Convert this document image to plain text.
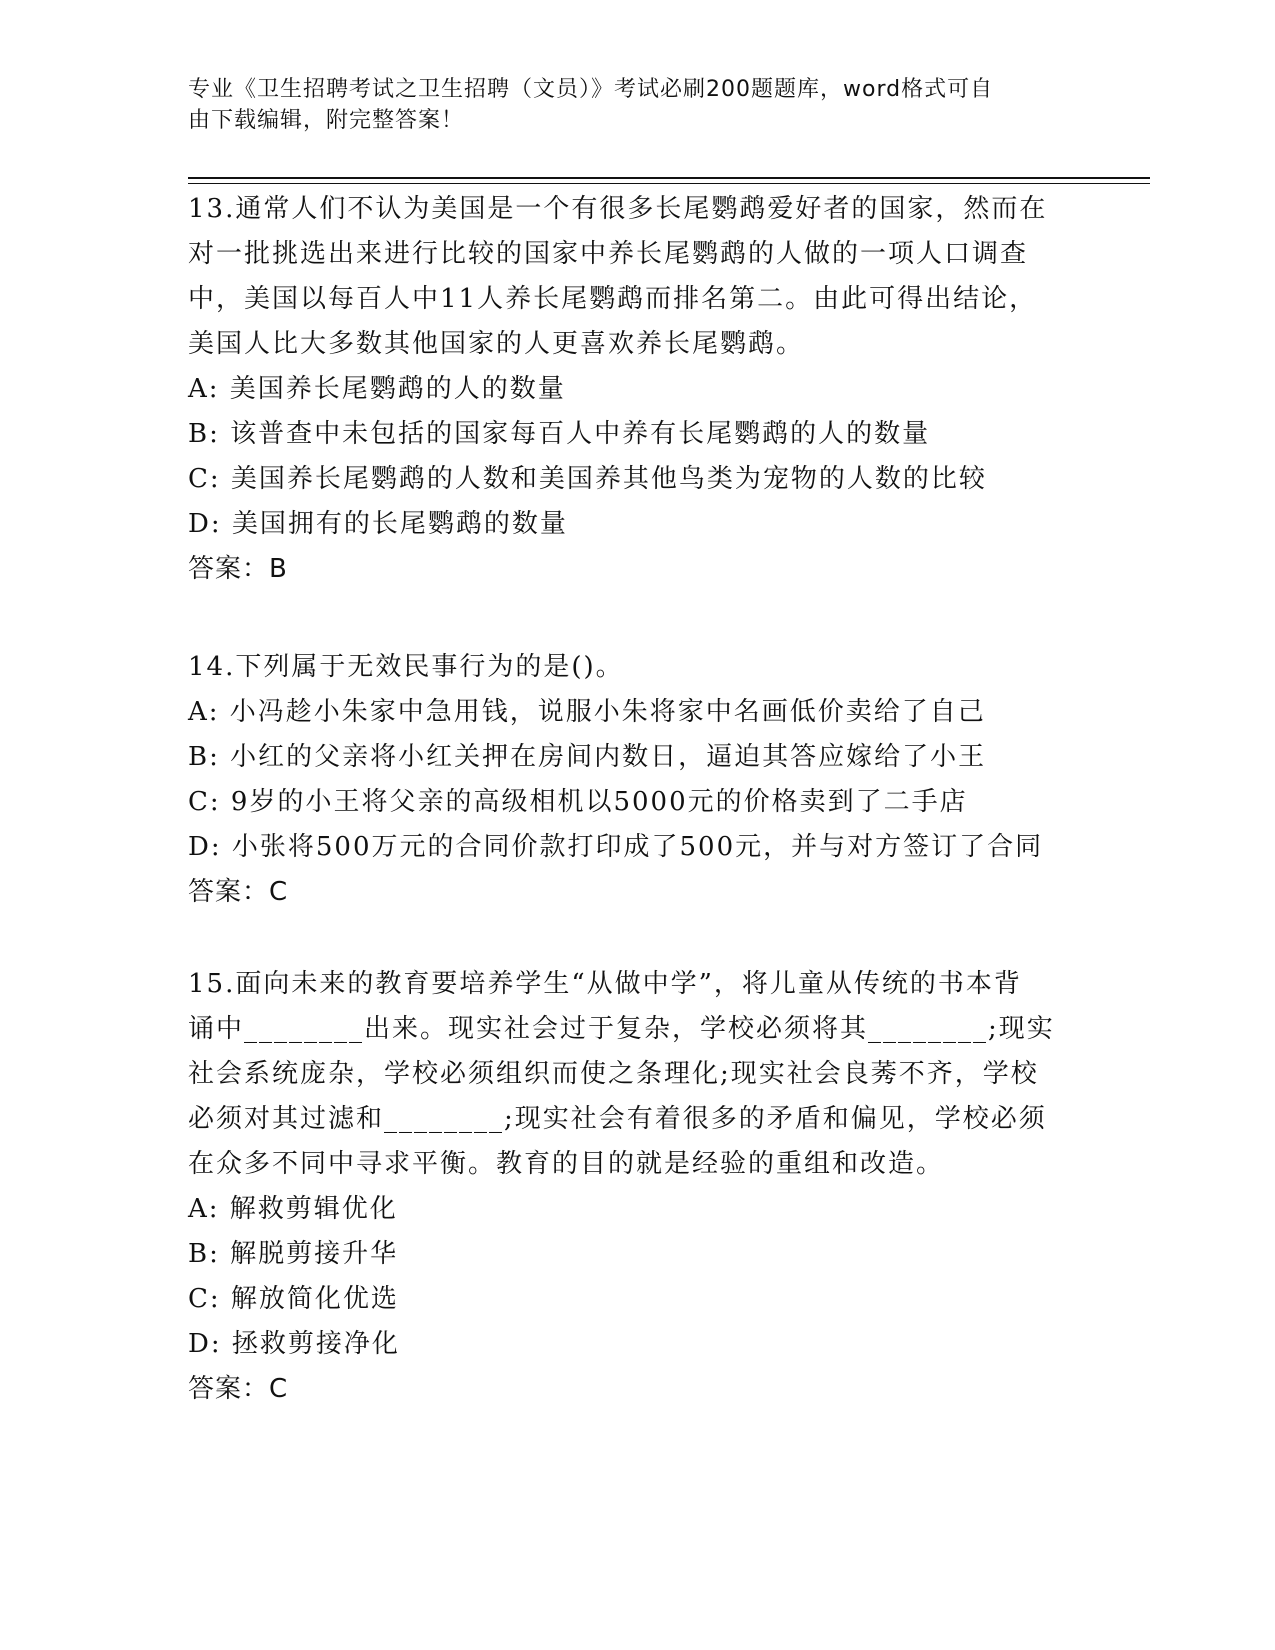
专业《卫生招聘考试之卫生招聘（文员）》考试必刷200题题库，word格式可自
由下载编辑，附完整答案！

13.通常人们不认为美国是一个有很多长尾鹦鹉爱好者的国家，然而在

对一批挑选出来进行比较的国家中养长尾鹦鹉的人做的一项人口调查

中，美国以每百人中11人养长尾鹦鹉而排名第二。由此可得出结论，

美国人比大多数其他国家的人更喜欢养长尾鹦鹉。

A: 美国养长尾鹦鹉的人的数量

B: 该普查中未包括的国家每百人中养有长尾鹦鹉的人的数量

C: 美国养长尾鹦鹉的人数和美国养其他鸟类为宠物的人数的比较

D: 美国拥有的长尾鹦鹉的数量

答案：B

14.下列属于无效民事行为的是()。

A: 小冯趁小朱家中急用钱，说服小朱将家中名画低价卖给了自己

B: 小红的父亲将小红关押在房间内数日，逼迫其答应嫁给了小王

C: 9岁的小王将父亲的高级相机以5000元的价格卖到了二手店

D: 小张将500万元的合同价款打印成了500元，并与对方签订了合同

答案：C

15.面向未来的教育要培养学生“从做中学”，将儿童从传统的书本背

诵中________出来。现实社会过于复杂，学校必须将其________;现实

社会系统庞杂，学校必须组织而使之条理化;现实社会良莠不齐，学校

必须对其过滤和________;现实社会有着很多的矛盾和偏见，学校必须

在众多不同中寻求平衡。教育的目的就是经验的重组和改造。

A: 解救剪辑优化

B: 解脱剪接升华

C: 解放简化优选

D: 拯救剪接净化

答案：C
